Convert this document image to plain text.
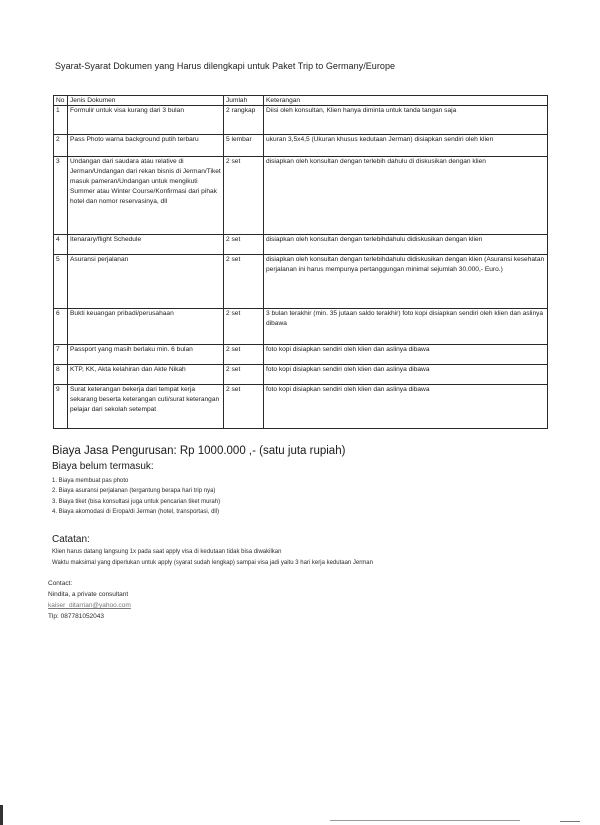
Syarat-Syarat Dokumen yang Harus dilengkapi untuk Paket Trip to Germany/Europe
No	Jenis Dokumen	Jumlah	Keterangan
1	Formulir untuk visa kurang dari 3 bulan	2 rangkap	Diisi oleh konsultan, Klien hanya diminta untuk tanda tangan saja
2	Pass Photo warna background putih terbaru	5 lembar	ukuran 3,5x4,5 (Ukuran khusus kedutaan Jerman) disiapkan sendiri oleh klien
3	Undangan dari saudara atau relative di Jerman/Undangan dari rekan bisnis di Jerman/Tiket masuk pameran/Undangan untuk mengikuti Summer atau Winter Course/Konfirmasi dari pihak hotel dan nomor reservasinya, dll	2 set	disiapkan oleh konsultan dengan terlebih dahulu di diskusikan dengan klien
4	Itenarary/flight Schedule	2 set	disiapkan oleh konsultan dengan terlebihdahulu didiskusikan dengan klien
5	Asuransi perjalanan	2 set	disiapkan oleh konsultan dengan terlebihdahulu didiskusikan dengan klien (Asuransi kesehatan perjalanan ini harus mempunya pertanggungan minimal sejumlah 30.000,- Euro.)
6	Bukti keuangan pribadi/perusahaan	2 set	3 bulan terakhir (min. 35 jutaan saldo terakhir) foto kopi disiapkan sendiri oleh klien dan aslinya dibawa
7	Passport yang masih berlaku min. 6 bulan	2 set	foto kopi disiapkan sendiri oleh klien dan aslinya dibawa
8	KTP, KK, Akta kelahiran dan Akte Nikah	2 set	foto kopi disiapkan sendiri oleh klien dan aslinya dibawa
9	Surat keterangan bekerja dari tempat kerja sekarang beserta keterangan cuti/surat keterangan pelajar dari sekolah setempat	2 set	foto kopi disiapkan sendiri oleh klien dan aslinya dibawa
Biaya Jasa Pengurusan: Rp 1000.000 ,- (satu juta rupiah)
Biaya belum termasuk:
1. Biaya membuat pas photo
2. Biaya asuransi perjalanan (tergantung berapa hari trip nya)
3. Biaya tiket (bisa konsultasi juga untuk pencarian tiket murah)
4. Biaya akomodasi di Eropa/di Jerman (hotel, transportasi, dll)
Catatan:
Klien harus datang langsung 1x pada saat apply visa di kedutaan tidak bisa diwakilkan
Waktu maksimal yang diperlukan untuk apply (syarat sudah lengkap) sampai visa jadi yaitu 3 hari kerja kedutaan Jerman
Contact:
Nindita, a private consultant
kaiser_ditarrian@yahoo.com
Tlp: 087781052043
